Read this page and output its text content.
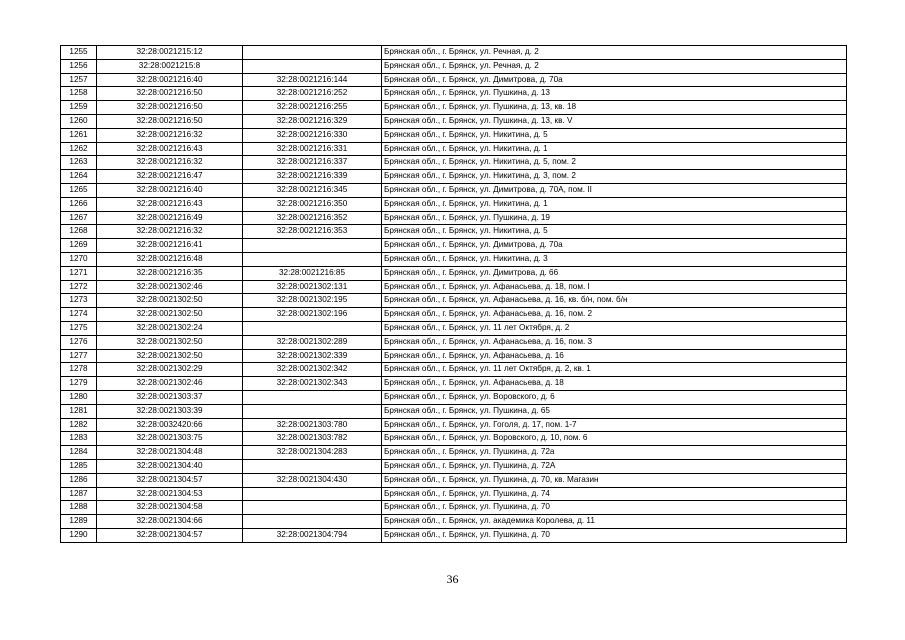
1255	32:28:0021215:12		Брянская обл., г. Брянск, ул. Речная, д. 2
1256	32:28:0021215:8		Брянская обл., г. Брянск, ул. Речная, д. 2
1257	32:28:0021216:40	32:28:0021216:144	Брянская обл., г. Брянск, ул. Димитрова, д. 70а
1258	32:28:0021216:50	32:28:0021216:252	Брянская обл., г. Брянск, ул. Пушкина, д. 13
1259	32:28:0021216:50	32:28:0021216:255	Брянская обл., г. Брянск, ул. Пушкина, д. 13, кв. 18
1260	32:28:0021216:50	32:28:0021216:329	Брянская обл., г. Брянск, ул. Пушкина, д. 13, кв. V
1261	32:28:0021216:32	32:28:0021216:330	Брянская обл., г. Брянск, ул. Никитина, д. 5
1262	32:28:0021216:43	32:28:0021216:331	Брянская обл., г. Брянск, ул. Никитина, д. 1
1263	32:28:0021216:32	32:28:0021216:337	Брянская обл., г. Брянск, ул. Никитина, д. 5, пом. 2
1264	32:28:0021216:47	32:28:0021216:339	Брянская обл., г. Брянск, ул. Никитина, д. 3, пом. 2
1265	32:28:0021216:40	32:28:0021216:345	Брянская обл., г. Брянск, ул. Димитрова, д. 70А, пом. II
1266	32:28:0021216:43	32:28:0021216:350	Брянская обл., г. Брянск, ул. Никитина, д. 1
1267	32:28:0021216:49	32:28:0021216:352	Брянская обл., г. Брянск, ул. Пушкина, д. 19
1268	32:28:0021216:32	32:28:0021216:353	Брянская обл., г. Брянск, ул. Никитина, д. 5
1269	32:28:0021216:41		Брянская обл., г. Брянск, ул. Димитрова, д. 70а
1270	32:28:0021216:48		Брянская обл., г. Брянск, ул. Никитина, д. 3
1271	32:28:0021216:35	32:28:0021216:85	Брянская обл., г. Брянск, ул. Димитрова, д. 66
1272	32:28:0021302:46	32:28:0021302:131	Брянская обл., г. Брянск, ул. Афанасьева, д. 18, пом. I
1273	32:28:0021302:50	32:28:0021302:195	Брянская обл., г. Брянск, ул. Афанасьева, д. 16, кв. б/н, пом. б/н
1274	32:28:0021302:50	32:28:0021302:196	Брянская обл., г. Брянск, ул. Афанасьева, д. 16, пом. 2
1275	32:28:0021302:24		Брянская обл., г. Брянск, ул. 11 лет Октября, д. 2
1276	32:28:0021302:50	32:28:0021302:289	Брянская обл., г. Брянск, ул. Афанасьева, д. 16, пом. 3
1277	32:28:0021302:50	32:28:0021302:339	Брянская обл., г. Брянск, ул. Афанасьева, д. 16
1278	32:28:0021302:29	32:28:0021302:342	Брянская обл., г. Брянск, ул. 11 лет Октября, д. 2, кв. 1
1279	32:28:0021302:46	32:28:0021302:343	Брянская обл., г. Брянск, ул. Афанасьева, д. 18
1280	32:28:0021303:37		Брянская обл., г. Брянск, ул. Воровского, д. 6
1281	32:28:0021303:39		Брянская обл., г. Брянск, ул. Пушкина, д. 65
1282	32:28:0032420:66	32:28:0021303:780	Брянская обл., г. Брянск, ул. Гоголя, д. 17, пом. 1-7
1283	32:28:0021303:75	32:28:0021303:782	Брянская обл., г. Брянск, ул. Воровского, д. 10, пом. 6
1284	32:28:0021304:48	32:28:0021304:283	Брянская обл., г. Брянск, ул. Пушкина, д. 72а
1285	32:28:0021304:40		Брянская обл., г. Брянск, ул. Пушкина, д. 72А
1286	32:28:0021304:57	32:28:0021304:430	Брянская обл., г. Брянск, ул. Пушкина, д. 70, кв. Магазин
1287	32:28:0021304:53		Брянская обл., г. Брянск, ул. Пушкина, д. 74
1288	32:28:0021304:58		Брянская обл., г. Брянск, ул. Пушкина, д. 70
1289	32:28:0021304:66		Брянская обл., г. Брянск, ул. академика Королева, д. 11
1290	32:28:0021304:57	32:28:0021304:794	Брянская обл., г. Брянск, ул. Пушкина, д. 70
36
